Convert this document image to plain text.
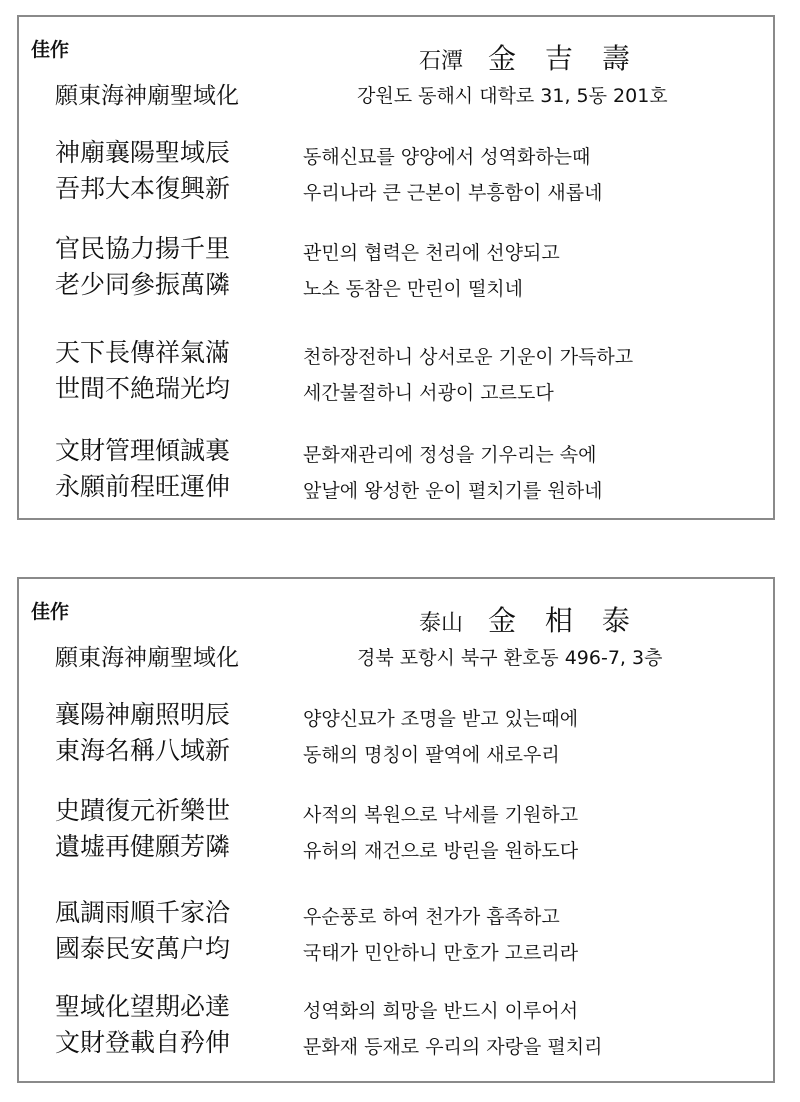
佳作	石潭 金 吉 壽
願東海神廟聖域化	강원도 동해시 대학로 31, 5동 201호
神廟襄陽聖域辰	동해신묘를 양양에서 성역화하는때
吾邦大本復興新	우리나라 큰 근본이 부흥함이 새롭네
官民協力揚千里	관민의 협력은 천리에 선양되고
老少同參振萬隣	노소 동참은 만린이 떨치네
天下長傳祥氣滿	천하장전하니 상서로운 기운이 가득하고
世間不絶瑞光均	세간불절하니 서광이 고르도다
文財管理傾誠裏	문화재관리에 정성을 기우리는 속에
永願前程旺運伸	앞날에 왕성한 운이 펼치기를 원하네
佳作	泰山 金 相 泰
願東海神廟聖域化	경북 포항시 북구 환호동 496-7, 3층
襄陽神廟照明辰	양양신묘가 조명을 받고 있는때에
東海名稱八域新	동해의 명칭이 팔역에 새로우리
史蹟復元祈樂世	사적의 복원으로 낙세를 기원하고
遺墟再健願芳隣	유허의 재건으로 방린을 원하도다
風調雨順千家洽	우순풍로 하여 천가가 흡족하고
國泰民安萬户均	국태가 민안하니 만호가 고르리라
聖域化望期必達	성역화의 희망을 반드시 이루어서
文財登載自矜伸	문화재 등재로 우리의 자랑을 펼치리
